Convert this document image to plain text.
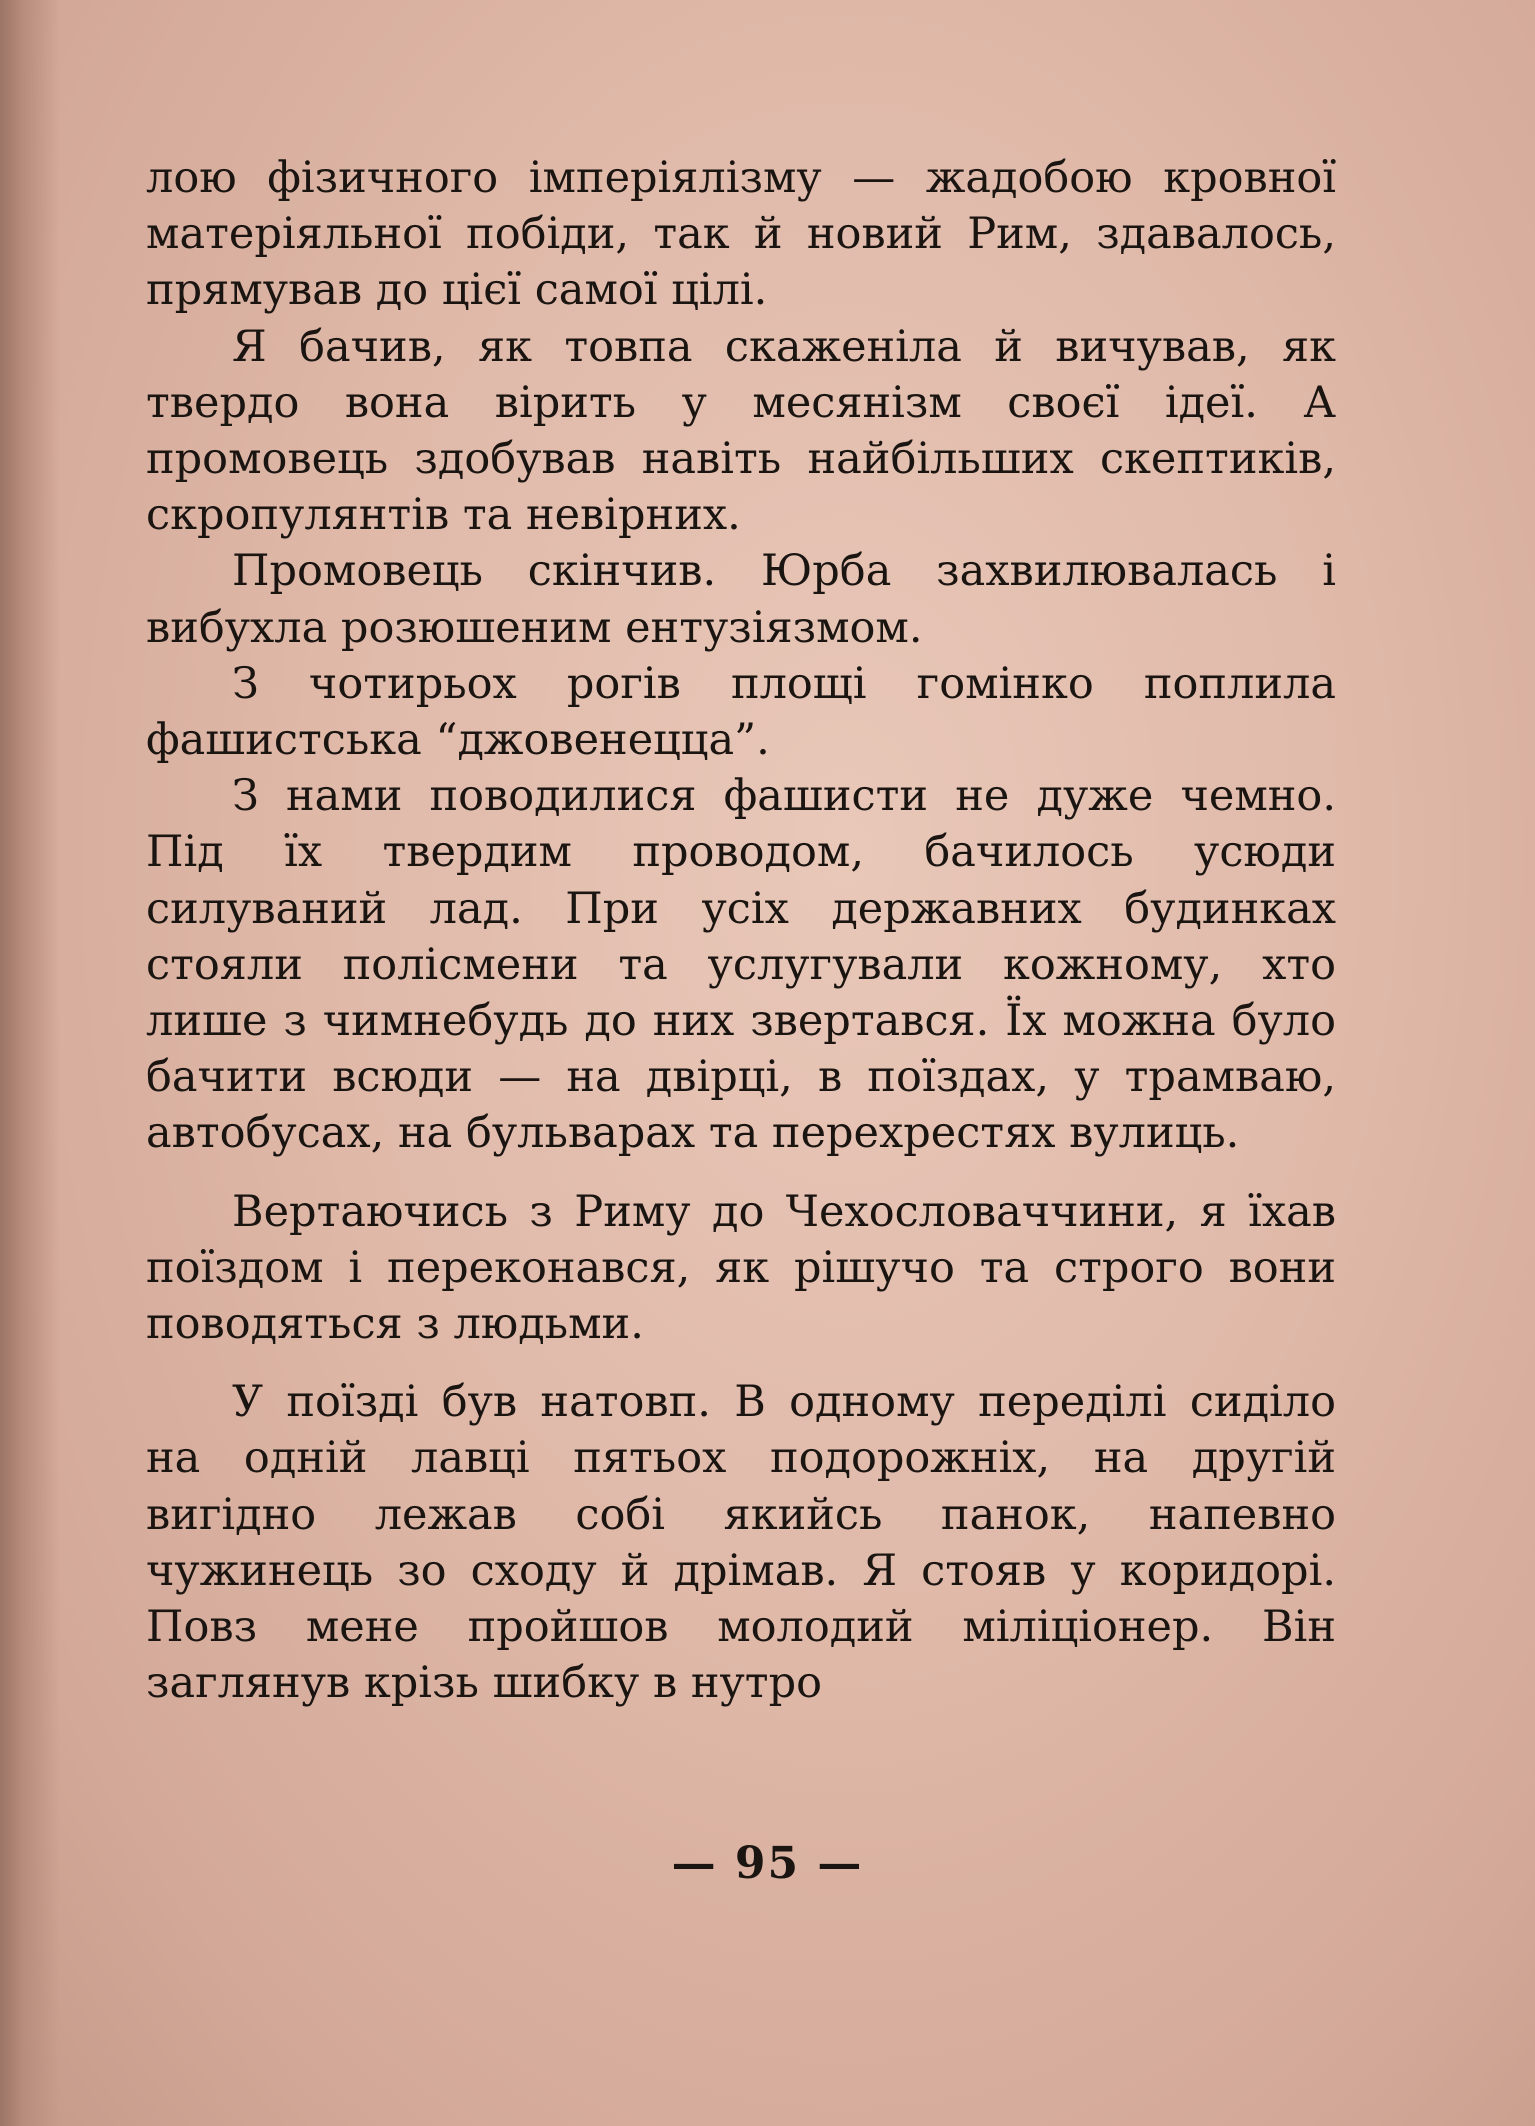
лою фізичного імперіялізму — жадобою кровної матеріяльної побіди, так й новий Рим, здавалось, прямував до цієї самої цілі.

Я бачив, як товпа скаженіла й вичував, як твердо вона вірить у месянізм своєї ідеї. А промовець здобував навіть найбільших скептиків, скропулянтів та невірних.

Промовець скінчив. Юрба захвилювалась і вибухла розюшеним ентузіязмом.

З чотирьох рогів площі гомінко поплила фашистська “джовенецца”.

З нами поводилися фашисти не дуже чемно. Під їх твердим проводом, бачилось усюди силуваний лад. При усіх державних будинках стояли полісмени та услугували кожному, хто лише з чимнебудь до них звертався. Їх можна було бачити всюди — на двірці, в поїздах, у трамваю, автобусах, на бульварах та перехрестях вулиць.

Вертаючись з Риму до Чехословаччини, я їхав поїздом і переконався, як рішучо та строго вони поводяться з людьми.

У поїзді був натовп. В одному переділі сиділо на одній лавці пятьох подорожніх, на другій вигідно лежав собі якийсь панок, напевно чужинець зо сходу й дрімав. Я стояв у коридорі. Повз мене пройшов молодий міліціонер. Він заглянув крізь шибку в нутро

— 95 —
